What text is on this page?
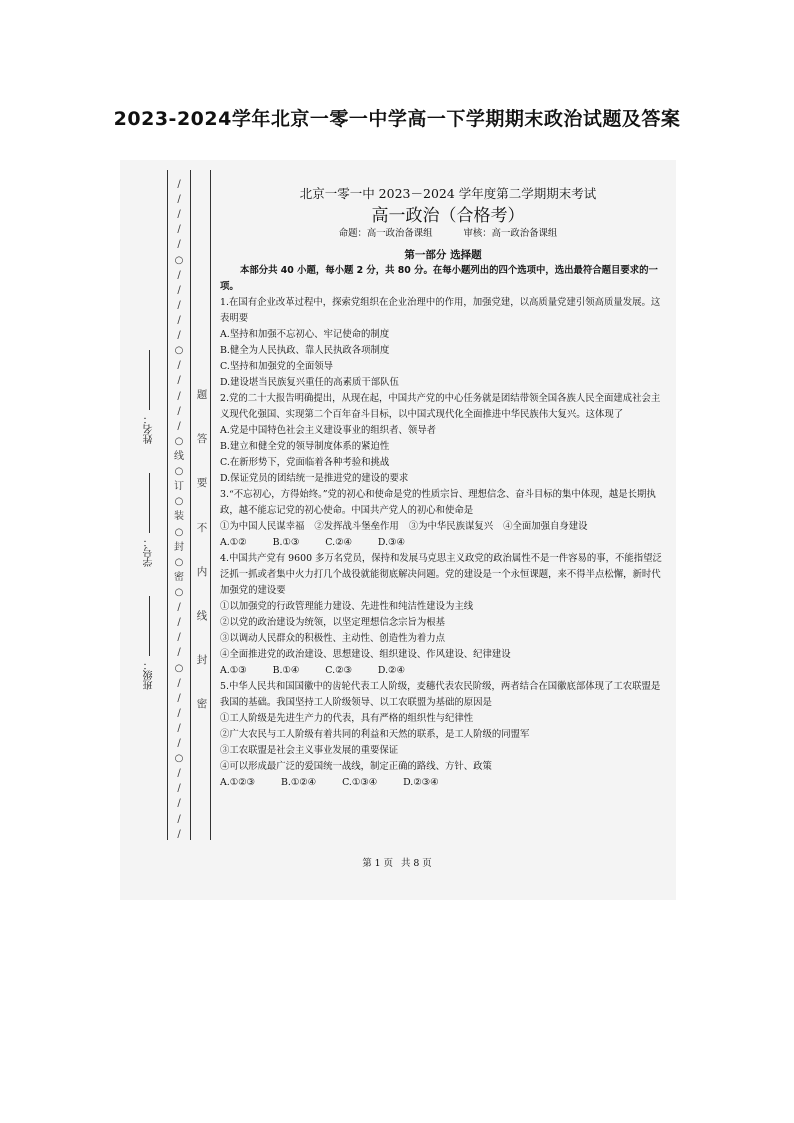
2023-2024学年北京一零一中学高一下学期期末政治试题及答案
姓名：
学号：
班级：
/
/
/
/
/
○
/
/
/
/
/
○
/
/
/
/
/
○
线
○
订
○
装
○
封
○
密
○
/
/
/
/
○
/
/
/
/
/
○
/
/
/
/
/
题
答
要
不
内
线
封
密
北京一零一中 2023－2024 学年度第二学期期末考试
高一政治（合格考）
命题：高一政治备课组	审核：高一政治备课组
第一部分 选择题
本部分共 40 小题，每小题 2 分，共 80 分。在每小题列出的四个选项中，选出最符合题目要求的一项。

1.在国有企业改革过程中，探索党组织在企业治理中的作用，加强党建，以高质量党建引领高质量发展。这表明要

A.坚持和加强不忘初心、牢记使命的制度

B.健全为人民执政、靠人民执政各项制度

C.坚持和加强党的全面领导

D.建设堪当民族复兴重任的高素质干部队伍

2.党的二十大报告明确提出，从现在起，中国共产党的中心任务就是团结带领全国各族人民全面建成社会主义现代化强国、实现第二个百年奋斗目标，以中国式现代化全面推进中华民族伟大复兴。这体现了

A.党是中国特色社会主义建设事业的组织者、领导者

B.建立和健全党的领导制度体系的紧迫性

C.在新形势下，党面临着各种考验和挑战

D.保证党员的团结统一是推进党的建设的要求

3.“不忘初心，方得始终。”党的初心和使命是党的性质宗旨、理想信念、奋斗目标的集中体现，越是长期执政，越不能忘记党的初心使命。中国共产党人的初心和使命是

①为中国人民谋幸福 ②发挥战斗堡垒作用 ③为中华民族谋复兴 ④全面加强自身建设

A.①②	B.①③	C.②④	D.③④

4.中国共产党有 9600 多万名党员，保持和发展马克思主义政党的政治属性不是一件容易的事，不能指望泛泛抓一抓或者集中火力打几个战役就能彻底解决问题。党的建设是一个永恒课题，来不得半点松懈，新时代加强党的建设要

①以加强党的行政管理能力建设、先进性和纯洁性建设为主线

②以党的政治建设为统领，以坚定理想信念宗旨为根基

③以调动人民群众的积极性、主动性、创造性为着力点

④全面推进党的政治建设、思想建设、组织建设、作风建设、纪律建设

A.①③	B.①④	C.②③	D.②④

5.中华人民共和国国徽中的齿轮代表工人阶级，麦穗代表农民阶级，两者结合在国徽底部体现了工农联盟是我国的基础。我国坚持工人阶级领导、以工农联盟为基础的原因是

①工人阶级是先进生产力的代表，具有严格的组织性与纪律性

②广大农民与工人阶级有着共同的利益和天然的联系，是工人阶级的同盟军

③工农联盟是社会主义事业发展的重要保证

④可以形成最广泛的爱国统一战线，制定正确的路线、方针、政策

A.①②③	B.①②④	C.①③④	D.②③④

第 1 页 共 8 页
